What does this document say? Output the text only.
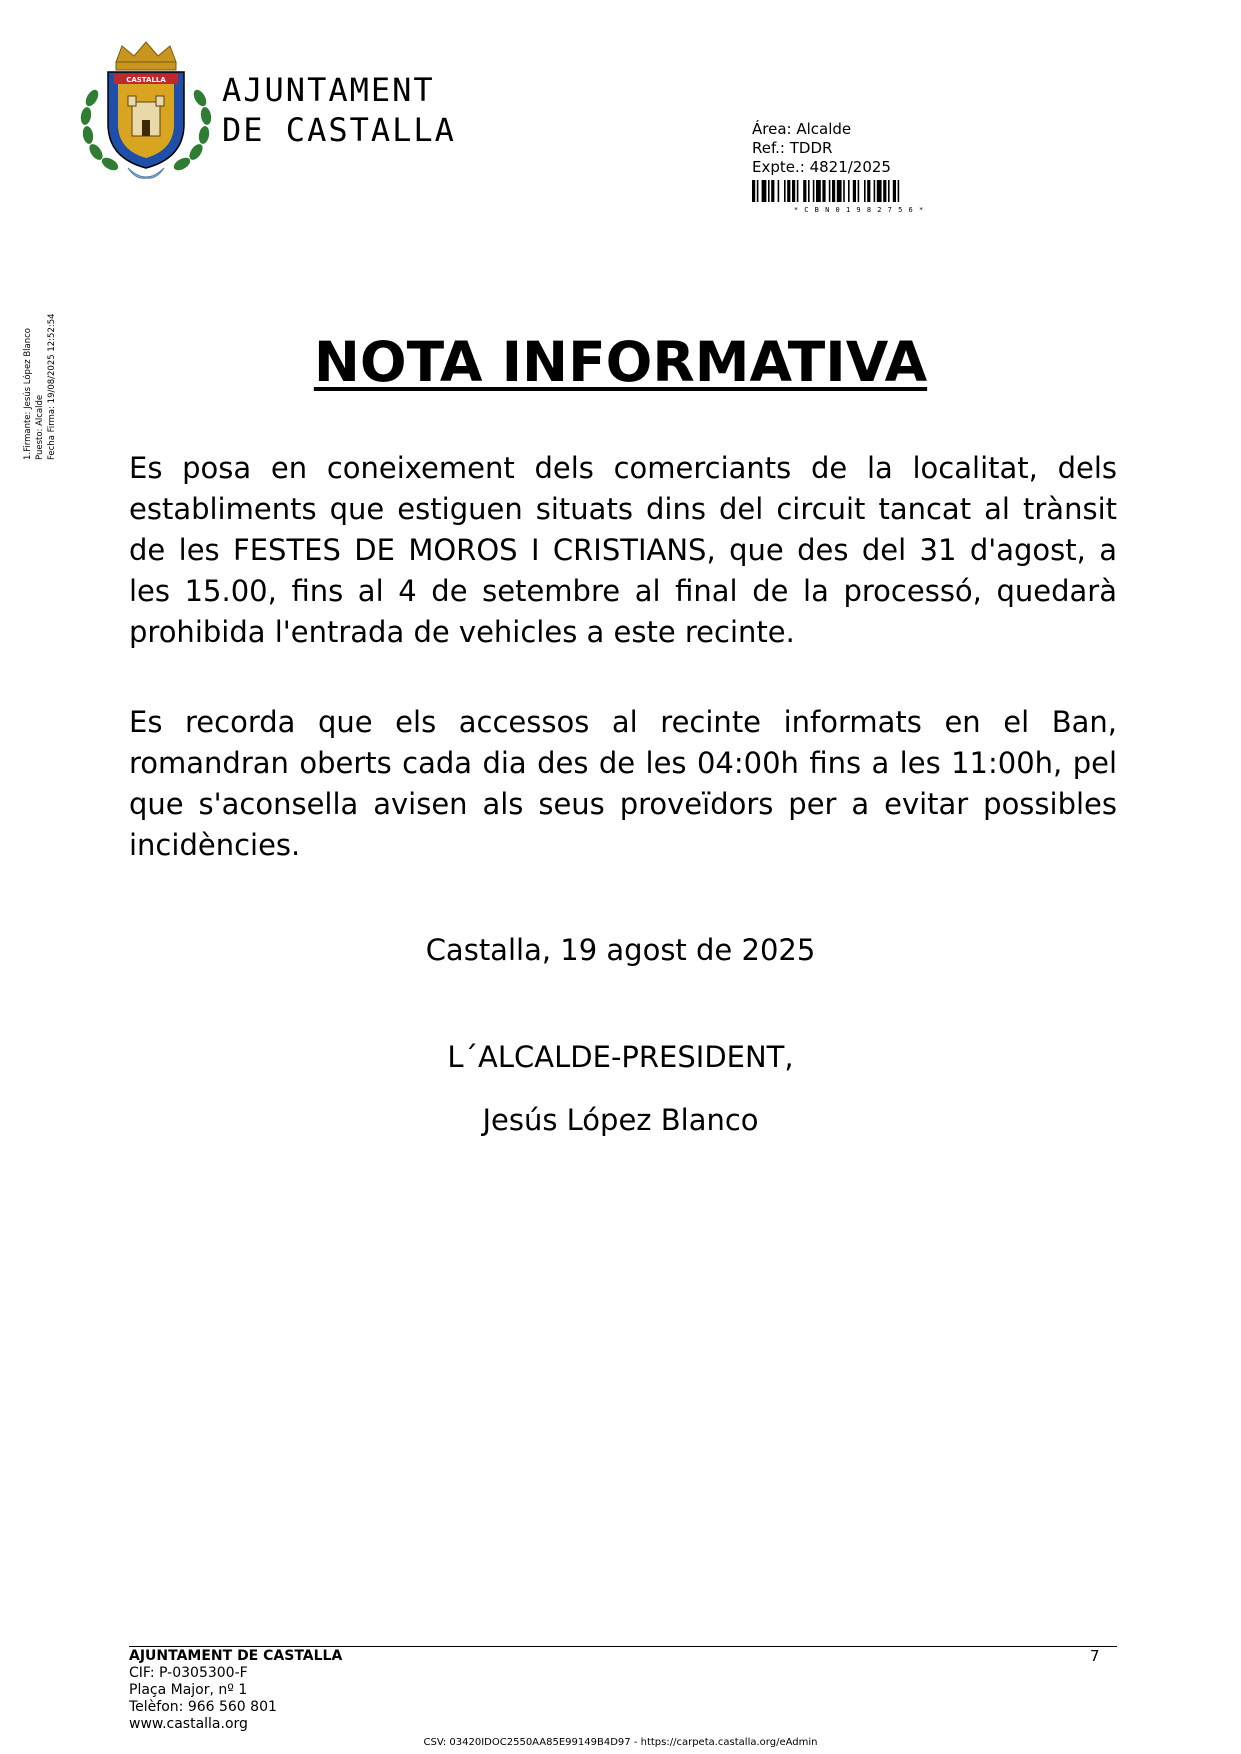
CASTALLA AJUNTAMENT
DE CASTALLA	Área: Alcalde
Ref.: TDDR
Expte.: 4821/2025
* C B N 0 1 9 8 2 7 5 6 *
1.Firmante: Jesús López Blanco Puesto: Alcalde Fecha Firma: 19/08/2025 12:52:54	NOTA INFORMATIVA
Es posa en coneixement dels comerciants de la localitat, dels establiments que estiguen situats dins del circuit tancat al trànsit de les FESTES DE MOROS I CRISTIANS, que des del 31 d'agost, a les 15.00, fins al 4 de setembre al final de la processó, quedarà prohibida l'entrada de vehicles a este recinte.
Es recorda que els accessos al recinte informats en el Ban, romandran oberts cada dia des de les 04:00h fins a les 11:00h, pel que s'aconsella avisen als seus proveïdors per a evitar possibles incidències.
Castalla, 19 agost de 2025
L´ALCALDE-PRESIDENT,
Jesús López Blanco
AJUNTAMENT DE CASTALLA
CIF: P-0305300-F
Plaça Major, nº 1
Telèfon: 966 560 801
www.castalla.org
7
CSV: 03420IDOC2550AA85E99149B4D97 - https://carpeta.castalla.org/eAdmin
